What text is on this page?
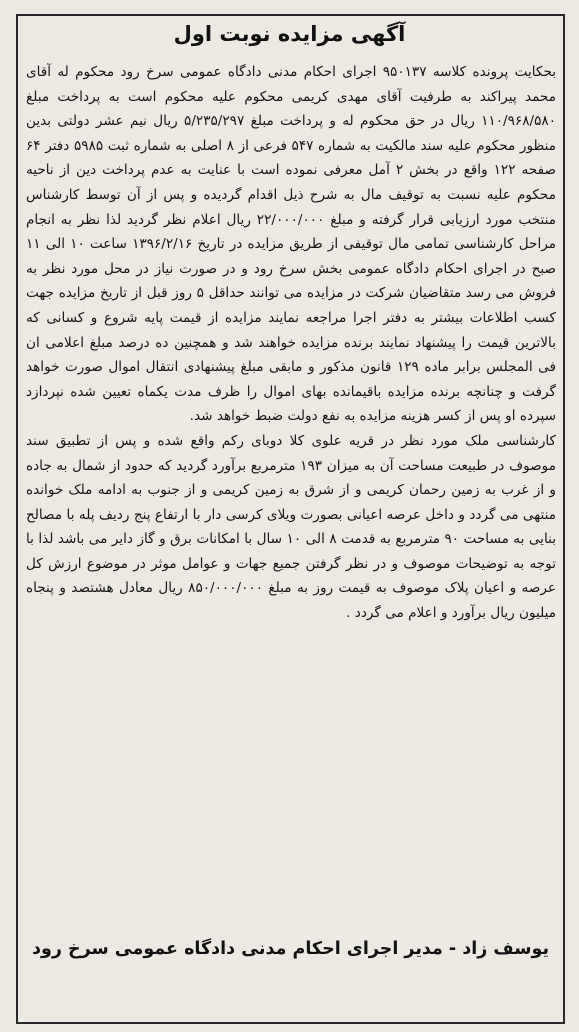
آگهی مزایده نوبت اول

بحکایت پرونده کلاسه ۹۵۰۱۳۷ اجرای احکام مدنی دادگاه عمومی سرخ رود محکوم له آقای محمد پیراکند به طرفیت آقای مهدی کریمی محکوم علیه محکوم است به پرداخت مبلغ ۱۱۰/۹۶۸/۵۸۰ ریال در حق محکوم له و پرداخت مبلغ ۵/۲۳۵/۲۹۷ ریال نیم عشر دولتی بدین منظور محکوم علیه سند مالکیت به شماره ۵۴۷ فرعی از ۸ اصلی به شماره ثبت ۵۹۸۵ دفتر ۶۴ صفحه ۱۲۲ واقع در بخش ۲ آمل معرفی نموده است با عنایت به عدم پرداخت دین از ناحیه محکوم علیه نسبت به توقیف مال به شرح ذیل اقدام گردیده و پس از آن توسط کارشناس منتخب مورد ارزیابی قرار گرفته و مبلغ ۲۲/۰۰۰/۰۰۰ ریال اعلام نظر گردید لذا نظر به انجام مراحل کارشناسی تمامی مال توقیفی از طریق مزایده در تاریخ ۱۳۹۶/۲/۱۶ ساعت ۱۰ الی ۱۱ صبح در اجرای احکام دادگاه عمومی بخش سرخ رود و در صورت نیاز در محل مورد نظر به فروش می رسد متقاضیان شرکت در مزایده می توانند حداقل ۵ روز قبل از تاریخ مزایده جهت کسب اطلاعات بیشتر به دفتر اجرا مراجعه نمایند مزایده از قیمت پایه شروع و کسانی که بالاترین قیمت را پیشنهاد نمایند برنده مزایده خواهند شد و همچنین ده درصد مبلغ اعلامی ان فی المجلس برابر ماده ۱۲۹ قانون مذکور و مابقی مبلغ پیشنهادی انتقال اموال صورت خواهد گرفت و چنانچه برنده مزایده باقیمانده بهای اموال را ظرف مدت یکماه تعیین شده نپردازد سپرده او پس از کسر هزینه مزایده به نفع دولت ضبط خواهد شد.

کارشناسی ملک مورد نظر در قریه علوی کلا دوبای رکم واقع شده و پس از تطبیق سند موصوف در طبیعت مساحت آن به میزان ۱۹۳ مترمربع برآورد گردید که حدود از شمال به جاده و از غرب به زمین رحمان کریمی و از شرق به زمین کریمی و از جنوب به ادامه ملک خوانده منتهی می گردد و داخل عرصه اعیانی بصورت ویلای کرسی دار با ارتفاع پنج ردیف پله با مصالح بنایی به مساحت ۹۰ مترمربع به قدمت ۸ الی ۱۰ سال با امکانات برق و گاز دایر می باشد لذا با توجه به توضیحات موصوف و در نظر گرفتن جمیع جهات و عوامل موثر در موضوع ارزش کل عرصه و اعیان پلاک موصوف به قیمت روز به مبلغ ۸۵۰/۰۰۰/۰۰۰ ریال معادل هشتصد و پنجاه میلیون ریال برآورد و اعلام می گردد .

یوسف زاد - مدیر اجرای احکام مدنی دادگاه عمومی سرخ رود
